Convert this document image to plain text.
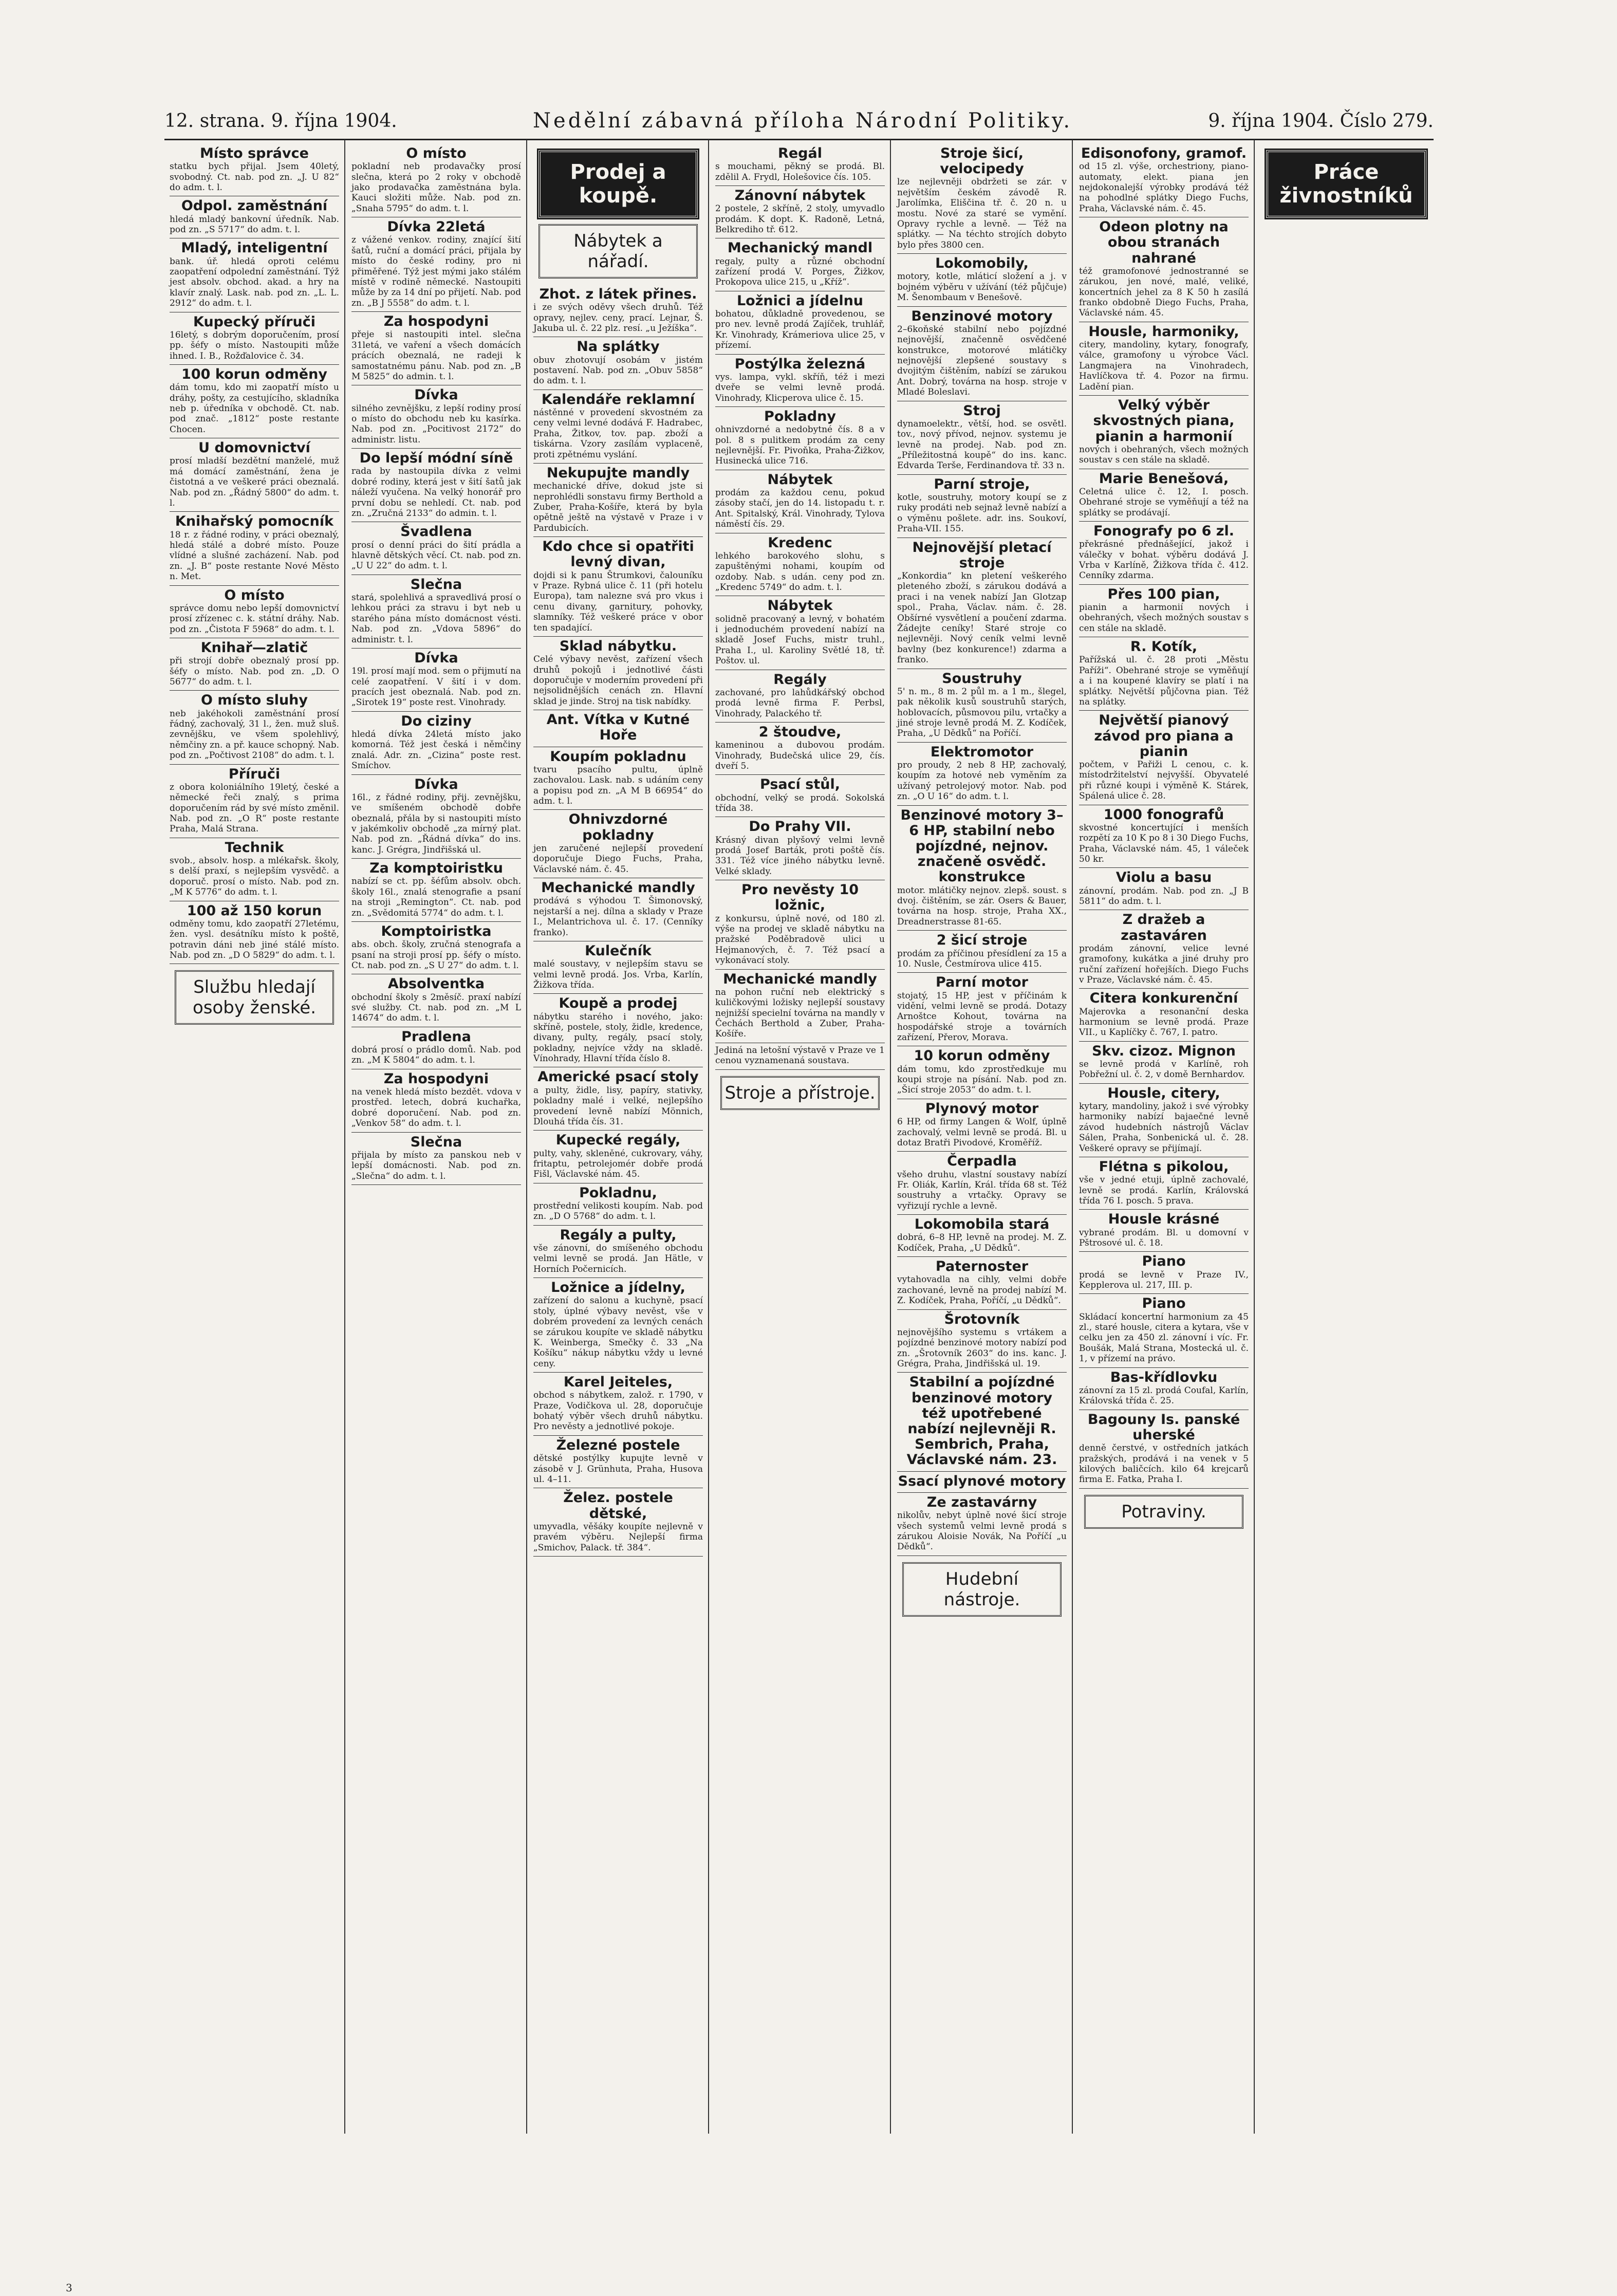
12. strana. 9. října 1904.	Nedělní zábavná příloha Národní Politiky.	9. října 1904. Číslo 279.
Místo správce

statku bych přijal. Jsem 40letý, svobodný. Ct. nab. pod zn. „J. U 82“ do adm. t. l.

Odpol. zaměstnání

hledá mladý bankovní úředník. Nab. pod zn. „S 5717“ do adm. t. l.

Mladý, inteligentní

bank. úř. hledá oproti celému zaopatření odpolední zaměstnání. Týž jest absolv. obchod. akad. a hry na klavír znalý. Lask. nab. pod zn. „L. L. 2912“ do adm. t. l.

Kupecký příruči

16letý, s dobrým doporučením, prosí pp. šéfy o místo. Nastoupiti může ihned. I. B., Rožďalovice č. 34.

100 korun odměny

dám tomu, kdo mi zaopatří místo u dráhy, pošty, za cestujícího, skladníka neb p. úředníka v obchodě. Ct. nab. pod znač. „1812“ poste restante Chocen.

U domovnictví

prosí mladší bezdětní manželé, muž má domácí zaměstnání, žena je čistotná a ve veškeré práci obeznalá. Nab. pod zn. „Řádný 5800“ do adm. t. l.

Knihařský pomocník

18 r. z řádné rodiny, v práci obeznalý, hledá stálé a dobré místo. Pouze vlídné a slušné zacházení. Nab. pod zn. „J. B“ poste restante Nové Město n. Met.

O místo

správce domu nebo lepší domovnictví prosí zřízenec c. k. státní dráhy. Nab. pod zn. „Čistota F 5968“ do adm. t. l.

Knihař—zlatič

při strojí dobře obeznalý prosí pp. šéfy o místo. Nab. pod zn. „D. O 5677“ do adm. t. l.

O místo sluhy

neb jakéhokoli zaměstnání prosí řádný, zachovalý, 31 l., žen. muž sluš. zevnějšku, ve všem spolehlivý, němčiny zn. a př. kauce schopný. Nab. pod zn. „Počtivost 2108“ do adm. t. l.

Příruči

z obora koloniálního 19letý, české a německé řeči znalý, s prima doporučením rád by své místo změnil. Nab. pod zn. „O R“ poste restante Praha, Malá Strana.

Technik

svob., absolv. hosp. a mlékařsk. školy, s delší praxí, s nejlepším vysvědč. a doporuč. prosí o místo. Nab. pod zn. „M K 5776“ do adm. t. l.

100 až 150 korun

odměny tomu, kdo zaopatří 27letému, žen. vysl. desátníku místo k poště, potravin dáni neb jiné stálé místo. Nab. pod zn. „D O 5829“ do adm. t. l.

Službu hledají osoby ženské.
O místo

pokladní neb prodavačky prosí slečna, která po 2 roky v obchodě jako prodavačka zaměstnána byla. Kauci složiti může. Nab. pod zn. „Snaha 5795“ do adm. t. l.

Dívka 22letá

z vážené venkov. rodiny, znající šití šatů, ruční a domácí práci, přijala by místo do české rodiny, pro ni přiměřené. Týž jest mými jako stálém místě v rodině německé. Nastoupiti může by za 14 dní po přijetí. Nab. pod zn. „B J 5558“ do adm. t. l.

Za hospodyni

přeje si nastoupiti intel. slečna 31letá, ve vaření a všech domácích prácích obeznalá, ne radeji k samostatnému pánu. Nab. pod zn. „B M 5825“ do admin. t. l.

Dívka

silného zevnějšku, z lepší rodiny prosí o místo do obchodu neb ku kasírka. Nab. pod zn. „Pocitivost 2172“ do administr. listu.

Do lepší módní síně

rada by nastoupila dívka z velmi dobré rodiny, která jest v šití šatů jak náleží vyučena. Na velký honorář pro první dobu se nehledí. Ct. nab. pod zn. „Zručná 2133“ do admin. t. l.

Švadlena

prosí o denní práci do šití prádla a hlavně dětských věcí. Ct. nab. pod zn. „U U 22“ do adm. t. l.

Slečna

stará, spolehlivá a spravedlivá prosí o lehkou práci za stravu i byt neb u starého pána místo domácnost vésti. Nab. pod zn. „Vdova 5896“ do administr. t. l.

Dívka

19l. prosí mají mod. sem o přijmutí na celé zaopatření. V šití i v dom. pracích jest obeznalá. Nab. pod zn. „Sirotek 19“ poste rest. Vinohrady.

Do ciziny

hledá dívka 24letá místo jako komorná. Též jest česká i němčiny znalá. Adr. zn. „Cizina“ poste rest. Smíchov.

Dívka

16l., z řádné rodiny, přij. zevnějšku, ve smíšeném obchodě dobře obeznalá, přála by si nastoupiti místo v jakémkoliv obchodě „za mírný plat. Nab. pod zn. „Řádná dívka“ do ins. kanc. J. Grégra, Jindřišská ul.

Za komptoiristku

nabízí se ct. pp. šéfům absolv. obch. školy 16l., znalá stenografie a psaní na stroji „Remington“. Ct. nab. pod zn. „Svědomitá 5774“ do adm. t. l.

Komptoiristka

abs. obch. školy, zručná stenografa a psaní na stroji prosí pp. šéfy o místo. Ct. nab. pod zn. „S U 27“ do adm. t. l.

Absolventka

obchodní školy s 2měsíč. praxí nabízí své služby. Ct. nab. pod zn. „M L 14674“ do adm. t. l.

Pradlena

dobrá prosí o prádlo domů. Nab. pod zn. „M K 5804“ do adm. t. l.

Za hospodyni

na venek hledá místo bezdět. vdova v prostřed. letech, dobrá kuchařka, dobré doporučení. Nab. pod zn. „Venkov 58“ do adm. t. l.

Slečna

přijala by místo za panskou neb v lepší domácnosti. Nab. pod zn. „Slečna“ do adm. t. l.

Prodej a koupě.
Nábytek a nářadí.
Zhot. z látek přines.

i ze svých oděvy všech druhů. Též opravy, nejlev. ceny, prací. Lejnar, Š. Jakuba ul. č. 22 plz. resí. „u Ježíška“.

Na splátky

obuv zhotovují osobám v jistém postavení. Nab. pod zn. „Obuv 5858“ do adm. t. l.

Kalendáře reklamní

nástěnné v provedení skvostném za ceny velmi levné dodává F. Hadrabec, Praha, Žitkov, tov. pap. zboží a tiskárna. Vzory zasílám vyplaceně, proti zpětnému vyslání.

Nekupujte mandly

mechanické dříve, dokud jste si neprohlédli sonstavu firmy Berthold a Zuber, Praha-Košíře, která by byla opětně ještě na výstavě v Praze i v Pardubicích.

Kdo chce si opatřiti levný divan,

dojdi si k panu Štrumkovi, čalouníku v Praze. Rybná ulice č. 11 (při hotelu Europa), tam nalezne svá pro vkus i cenu divany, garnitury, pohovky, slamníky. Též veškeré práce v obor ten spadající.

Sklad nábytku.

Celé výbavy nevěst, zařízení všech druhů pokojů i jednotlivé části doporučuje v moderním provedení při nejsolidnějších cenách zn. Hlavní sklad je jinde. Stroj na tisk nabídky.

Ant. Vítka v Kutné Hoře

Koupím pokladnu

tvaru psacího pultu, úplně zachovalou. Lask. nab. s udáním ceny a popisu pod zn. „A M B 66954“ do adm. t. l.

Ohnivzdorné pokladny

jen zaručené nejlepší provedení doporučuje Diego Fuchs, Praha, Václavské nám. č. 45.

Mechanické mandly

prodává s výhodou T. Šimonovský, nejstarší a nej. dílna a sklady v Praze I., Melantrichova ul. č. 17. (Cenníky franko).

Kulečník

malé soustavy, v nejlepším stavu se velmi levně prodá. Jos. Vrba, Karlín, Žižkova třída.

Koupě a prodej

nábytku starého i nového, jako: skříně, postele, stoly, židle, kredence, divany, pulty, regály, psací stoly, pokladny, nejvíce vždy na skladě. Vínohrady, Hlavní třída číslo 8.

Americké psací stoly

a pulty, židle, lisy, papíry, stativky, pokladny malé i velké, nejlepšího provedení levně nabízí Mönnich, Dlouhá třída čís. 31.

Kupecké regály,

pulty, vahy, skleněné, cukrovary, váhy, fritaptu, petrolejomér dobře prodá Fišl, Václavské nám. 45.

Pokladnu,

prostřední velikosti koupím. Nab. pod zn. „D O 5768“ do adm. t. l.

Regály a pulty,

vše zánovní, do smíšeného obchodu velmi levně se prodá. Jan Hätle, v Horních Počernicích.

Ložnice a jídelny,

zařízení do salonu a kuchyně, psací stoly, úplné výbavy nevěst, vše v dobrém provedení za levných cenách se zárukou koupíte ve skladě nábytku K. Weinberga, Smečky č. 33 „Na Košíku“ nákup nábytku vždy u levné ceny.

Karel Jeiteles,

obchod s nábytkem, založ. r. 1790, v Praze, Vodičkova ul. 28, doporučuje bohatý výběr všech druhů nábytku. Pro nevěsty a jednotlivé pokoje.

Železné postele

dětské postýlky kupujte levně v zásobě v J. Grünhuta, Praha, Husova ul. 4–11.

Želez. postele dětské,

umyvadla, věšáky koupíte nejlevně v pravém výběru. Nejlepší firma „Smichov, Palack. tř. 384“.

Regál

s mouchami, pěkný se prodá. Bl. zdělil A. Frydl, Holešovice čís. 105.

Zánovní nábytek

2 postele, 2 skříně, 2 stoly, umyvadlo prodám. K dopt. K. Radoně, Letná, Belkrediho tř. 612.

Mechanický mandl

regaly, pulty a různé obchodní zařízení prodá V. Porges, Žižkov, Prokopova ulice 215, u „Kříž“.

Ložnici a jídelnu

bohatou, důkladně provedenou, se pro nev. levně prodá Zajíček, truhlář, Kr. Vinohrady, Krámeriova ulice 25, v přízemí.

Postýlka železná

vys. lampa, vykl. skříň, též i mezi dveře se velmi levně prodá. Vinohrady, Klicperova ulice č. 15.

Pokladny

ohnivzdorné a nedobytné čís. 8 a v pol. 8 s pulitkem prodám za ceny nejlevnější. Fr. Pivoňka, Praha-Žižkov, Husinecká ulice 716.

Nábytek

prodám za každou cenu, pokud zásoby stačí, jen do 14. listopadu t. r. Ant. Spitalský, Král. Vinohrady, Tylova náměstí čís. 29.

Kredenc

lehkého barokového slohu, s zapuštěnými nohami, koupím od ozdoby. Nab. s udán. ceny pod zn. „Kredenc 5749“ do adm. t. l.

Nábytek

solidně pracovaný a levný, v bohatém i jednoduchém provedení nabízí na skladě Josef Fuchs, mistr truhl., Praha I., ul. Karoliny Světlé 18, tř. Poštov. ul.

Regály

zachované, pro lahůdkářský obchod prodá levně firma F. Perbsl, Vinohrady, Palackého tř.

2 štoudve,

kameninou a dubovou prodám. Vinohrady, Budečská ulice 29, čís. dveří 5.

Psací stůl,

obchodní, velký se prodá. Sokolská třída 38.

Do Prahy VII.

Krásný divan plyšový velmi levně prodá Josef Barták, proti poště čís. 331. Též více jiného nábytku levně. Velké sklady.

Pro nevěsty 10 ložnic,

z konkursu, úplně nové, od 180 zl. výše na prodej ve skladě nábytku na pražské Poděbradově ulici u Hejmanových, č. 7. Též psací a vykonávací stoly.

Mechanické mandly

na pohon ruční neb elektrický s kuličkovými ložisky nejlepší soustavy nejnižší specielní továrna na mandly v Čechách Berthold a Zuber, Praha-Košíře.

Jediná na letošní výstavě v Praze ve 1 cenou vyznamenaná soustava.

Stroje a přístroje.
Stroje šicí, velocipedy

lze nejlevněji obdržeti se zár. v největším českém závodě R. Jarolímka, Eliščina tř. č. 20 n. u mostu. Nové za staré se vymění. Opravy rychle a levně. — Též na splátky. — Na téchto strojích dobyto bylo přes 3800 cen.

Lokomobily,

motory, kotle, mláticí složení a j. v bojném výběru v užívání (též půjčuje) M. Šenombaum v Benešově.

Benzinové motory

2–6koňské stabilní nebo pojízdné nejnovější, značenně osvědčené konstrukce, motorové mlátičky nejnovější zlepšené soustavy s dvojitým čištěním, nabízí se zárukou Ant. Dobrý, továrna na hosp. stroje v Mladé Boleslavi.

Stroj

dynamoelektr., větší, hod. se osvětl. tov., nový přívod, nejnov. systemu je levně na prodej. Nab. pod zn. „Příležitostná koupě“ do ins. kanc. Edvarda Terše, Ferdinandova tř. 33 n.

Parní stroje,

kotle, soustruhy, motory koupí se z ruky prodáti neb sejnaž levně nabízí a o výměnu pošlete. adr. ins. Soukoví, Praha-VII. 155.

Nejnovější pletací stroje

„Konkordia“ kn pletení veškerého pleteného zboží, s zárukou dodává a praci i na venek nabízí Jan Glotzap spol., Praha, Václav. nám. č. 28. Obšírné vysvětlení a poučení zdarma. Žádejte ceníky! Staré stroje co nejlevněji. Nový ceník velmi levně bavlny (bez konkurence!) zdarma a franko.

Soustruhy

5' n. m., 8 m. 2 půl m. a 1 m., šlegel, pak několik kusů soustruhů starých, hoblovacích, půsmovou pilu, vrtačky a jiné stroje levně prodá M. Z. Kodíček, Praha, „U Dědků“ na Poříčí.

Elektromotor

pro proudy, 2 neb 8 HP, zachovalý, koupím za hotové neb vyměním za užívaný petrolejový motor. Nab. pod zn. „O U 16“ do adm. t. l.

Benzinové motory 3–6 HP, stabilní nebo pojízdné, nejnov. značeně osvědč. konstrukce

motor. mlátičky nejnov. zlepš. soust. s dvoj. čištěním, se zár. Osers & Bauer, továrna na hosp. stroje, Praha XX., Dreadnerstrasse 81-65.

2 šicí stroje

prodám za příčinou přesídlení za 15 a 10. Nusle, Čestmírova ulice 415.

Parní motor

stojatý, 15 HP, jest v příčinám k vidění, velmi levně se prodá. Dotazy Arnoštce Kohout, továrna na hospodářské stroje a továrních zařízení, Přerov, Morava.

10 korun odměny

dám tomu, kdo zprostředkuje mu koupi stroje na písání. Nab. pod zn. „Šicí stroje 2053“ do adm. t. l.

Plynový motor

6 HP, od firmy Langen & Wolf, úplně zachovalý, velmi levně se prodá. Bl. u dotaz Bratři Pivodové, Kroměříž.

Čerpadla

všeho druhu, vlastní soustavy nabízí Fr. Oliák, Karlín, Král. třída 68 st. Též soustruhy a vrtačky. Opravy se vyřizují rychle a levně.

Lokomobila stará

dobrá, 6–8 HP, levně na prodej. M. Z. Kodíček, Praha, „U Dědků“.

Paternoster

vytahovadla na cihly, velmi dobře zachované, levně na prodej nabízí M. Z. Kodíček, Praha, Poříčí, „u Dědků“.

Šrotovník

nejnovějšího systemu s vrtákem a pojízdné benzinové motory nabízí pod zn. „Šrotovník 2603“ do ins. kanc. J. Grégra, Praha, Jindřišská ul. 19.

Stabilní a pojízdné benzinové motory též upotřebené nabízí nejlevněji R. Sembrich, Praha, Václavské nám. 23.

Ssací plynové motory

Ze zastavárny

nikolův, nebyt úplně nové šicí stroje všech systemů velmi levně prodá s zárukou Aloisie Novák, Na Poříčí „u Dědků“.

Hudební nástroje.
Edisonofony, gramof.

od 15 zl. výše, orchestriony, piano-automaty, elekt. piana jen nejdokonalejší výrobky prodává též na pohodlné splátky Diego Fuchs, Praha, Václavské nám. č. 45.

Odeon plotny na obou stranách nahrané

též gramofonové jednostranné se zárukou, jen nové, malé, veliké, koncertních jehel za 8 K 50 h zasílá franko obdobně Diego Fuchs, Praha, Václavské nám. 45.

Housle, harmoniky,

citery, mandoliny, kytary, fonografy, válce, gramofony u výrobce Václ. Langmajera na Vinohradech, Havlíčkova tř. 4. Pozor na firmu. Ladění pian.

Velký výběr skvostných piana, pianin a harmonií

nových i obehraných, všech možných soustav s cen stále na skladě.

Marie Benešová,

Celetná ulice č. 12, I. posch. Obehrané stroje se vyměňují a též na splátky se prodávají.

Fonografy po 6 zl.

překrásné přednášející, jakož i válečky v bohat. výběru dodává J. Vrba v Karlíně, Žižkova třída č. 412. Cenníky zdarma.

Přes 100 pian,

pianin a harmonií nových i obehraných, všech možných soustav s cen stále na skladě.

R. Kotík,

Pařížská ul. č. 28 proti „Městu Paříži“. Obehrané stroje se vyměňují a i na koupené klavíry se platí i na splátky. Největší půjčovna pian. Též na splátky.

Největší pianový závod pro piana a pianin

počtem, v Pařiži L cenou, c. k. místodržitelství nejvyšší. Obyvatelé při různé koupi i výměně K. Stárek, Spálená ulice č. 28.

1000 fonografů

skvostné koncertující i menších rozpětí za 10 K po 8 i 30 Diego Fuchs, Praha, Václavské nám. 45, 1 váleček 50 kr.

Violu a basu

zánovní, prodám. Nab. pod zn. „J B 5811“ do adm. t. l.

Z dražeb a zastaváren

prodám zánovní, velice levné gramofony, kukátka a jiné druhy pro ruční zařízení hořejších. Diego Fuchs v Praze, Václavské nám. č. 45.

Citera konkurenční

Majerovka a resonanční deska harmonium se levně prodá. Praze VII., u Kaplíčky č. 767, I. patro.

Skv. cizoz. Mignon

se levně prodá v Karlíně, roh Pobřežní ul. č. 2, v domě Bernhardov.

Housle, citery,

kytary, mandoliny, jakož i své výrobky harmoniky nabízí bajaečné levně závod hudebních nástrojů Václav Sálen, Praha, Sonbenická ul. č. 28. Veškeré opravy se přijímají.

Flétna s pikolou,

vše v jedné etuji, úplně zachovalé, levně se prodá. Karlín, Královská třída 76 I. posch. 5 prava.

Housle krásné

vybrané prodám. Bl. u domovní v Pštrosové ul. č. 18.

Piano

prodá se levně v Praze IV., Kepplerova ul. 217, III. p.

Piano

Skládací koncertní harmonium za 45 zl., staré housle, citera a kytara, vše v celku jen za 450 zl. zánovní i víc. Fr. Boušák, Malá Strana, Mostecká ul. č. 1, v přízemí na právo.

Bas-křídlovku

zánovní za 15 zl. prodá Coufal, Karlín, Královská třída č. 25.

Bagouny Is. panské uherské

denně čerstvé, v ostředních jatkách pražských, prodává i na venek v 5 kilových baličcích. kilo 64 krejcarů firma E. Fatka, Praha I.

Potraviny.
Práce živnostníků
3
